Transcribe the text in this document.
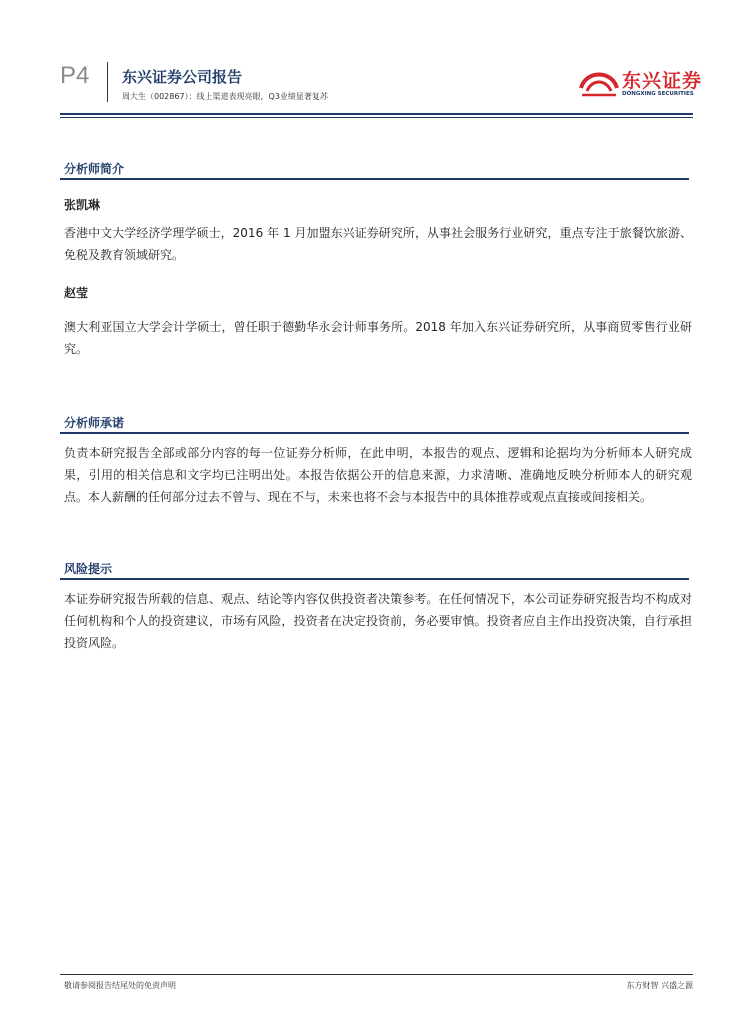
P4 东兴证券公司报告
周大生（002867）：线上渠道表现亮眼，Q3业绩显著复苏
东兴证券
DONGXING SECURITIES
分析师简介
张凯琳

香港中文大学经济学理学硕士，2016 年 1 月加盟东兴证券研究所，从事社会服务行业研究，重点专注于旅餐饮旅游、免税及教育领域研究。

赵莹

澳大利亚国立大学会计学硕士，曾任职于德勤华永会计师事务所。2018 年加入东兴证券研究所，从事商贸零售行业研究。

分析师承诺

负责本研究报告全部或部分内容的每一位证券分析师，在此申明，本报告的观点、逻辑和论据均为分析师本人研究成果，引用的相关信息和文字均已注明出处。本报告依据公开的信息来源，力求清晰、准确地反映分析师本人的研究观点。本人薪酬的任何部分过去不曾与、现在不与，未来也将不会与本报告中的具体推荐或观点直接或间接相关。

风险提示

本证券研究报告所载的信息、观点、结论等内容仅供投资者决策参考。在任何情况下，本公司证券研究报告均不构成对任何机构和个人的投资建议，市场有风险，投资者在决定投资前，务必要审慎。投资者应自主作出投资决策，自行承担投资风险。

敬请参阅报告结尾处的免责声明	东方财智 兴盛之源
